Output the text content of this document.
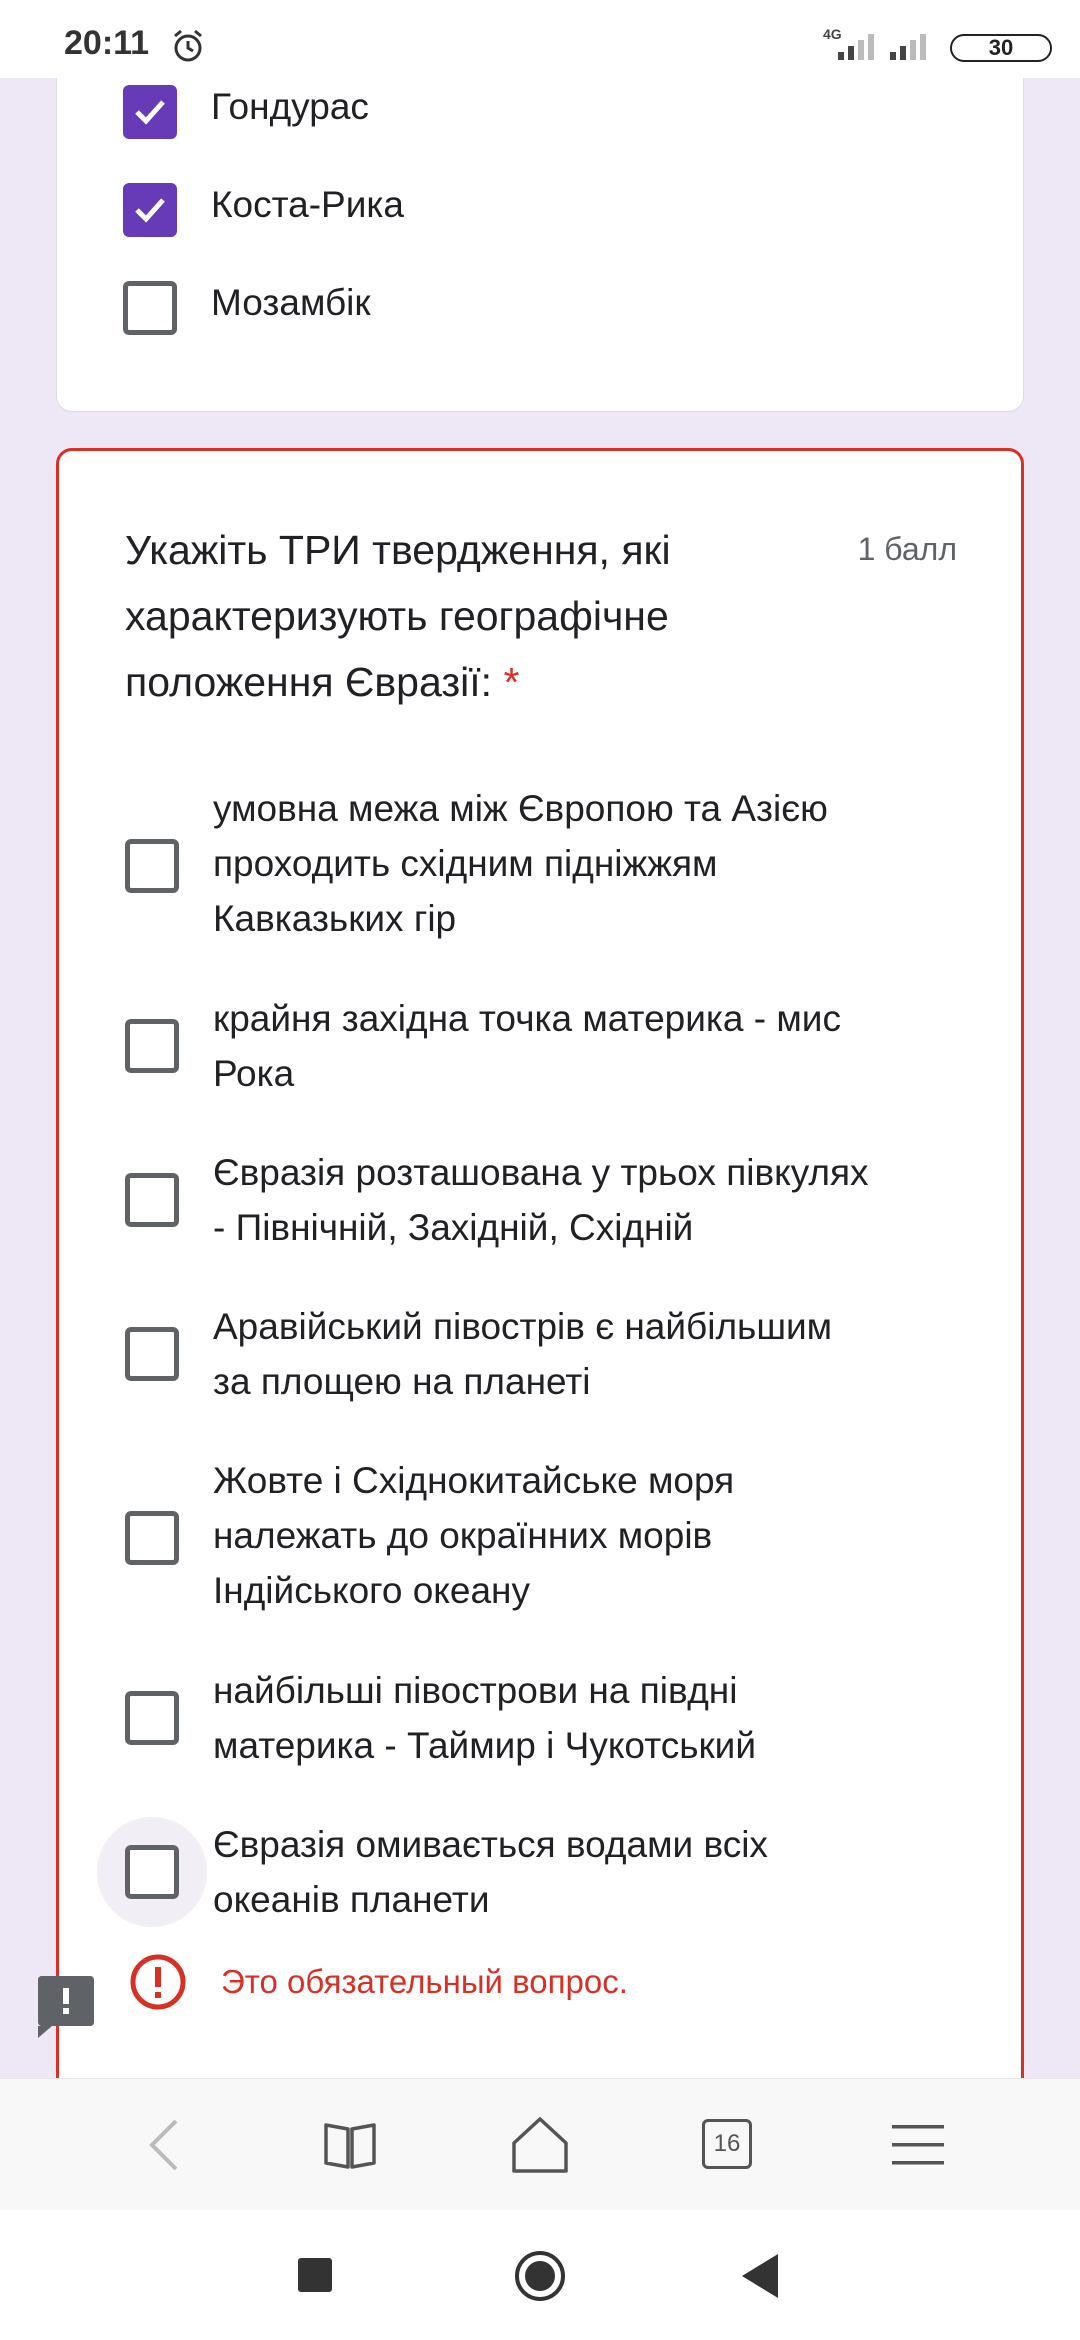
20:11	4G
30
Гондурас
Коста-Рика
Мозамбік
Укажіть ТРИ твердження, які
характеризують географічне
положення Євразії: *
1 балл
умовна межа між Європою та Азією
проходить східним підніжжям
Кавказьких гір
крайня західна точка материка - мис
Рока
Євразія розташована у трьох півкулях
- Північній, Західній, Східній
Аравійський півострів є найбільшим
за площею на планеті
Жовте і Східнокитайське моря
належать до окраїнних морів
Індійського океану
найбільші півострови на півдні
материка - Таймир і Чукотський
Євразія омивається водами всіх
океанів планети
Это обязательный вопрос.
16
